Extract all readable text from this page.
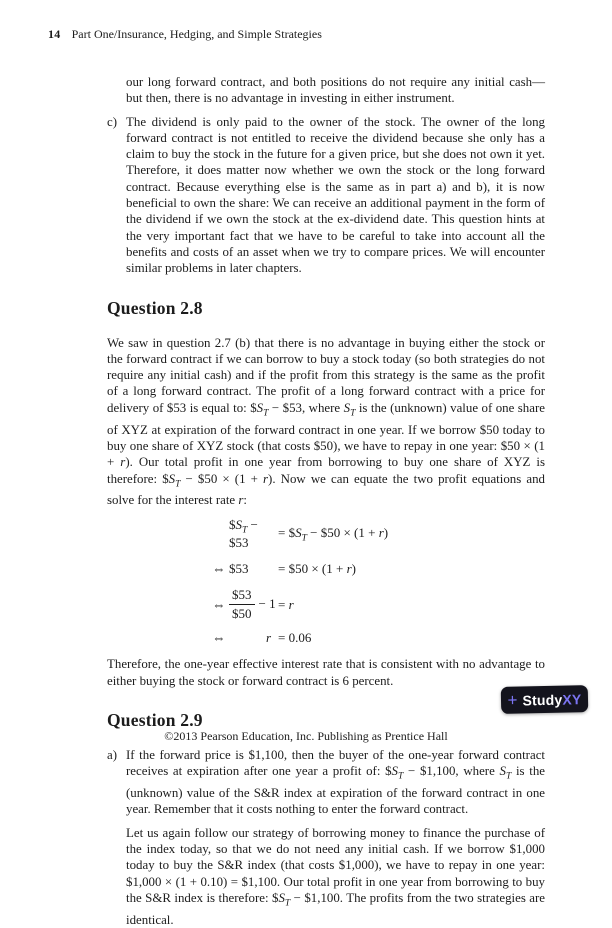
14 Part One/Insurance, Hedging, and Simple Strategies

our long forward contract, and both positions do not require any initial cash—but then, there is no advantage in investing in either instrument.

c) The dividend is only paid to the owner of the stock. The owner of the long forward contract is not entitled to receive the dividend because she only has a claim to buy the stock in the future for a given price, but she does not own it yet. Therefore, it does matter now whether we own the stock or the long forward contract. Because everything else is the same as in part a) and b), it is now beneficial to own the share: We can receive an additional payment in the form of the dividend if we own the stock at the ex-dividend date. This question hints at the very important fact that we have to be careful to take into account all the benefits and costs of an asset when we try to compare prices. We will encounter similar problems in later chapters.
Question 2.8

We saw in question 2.7 (b) that there is no advantage in buying either the stock or the forward contract if we can borrow to buy a stock today (so both strategies do not require any initial cash) and if the profit from this strategy is the same as the profit of a long forward contract. The profit of a long forward contract with a price for delivery of $53 is equal to: $\$S_T$ − $53, where $S_T$ is the (unknown) value of one share of XYZ at expiration of the forward contract in one year. If we borrow $50 today to buy one share of XYZ stock (that costs $50), we have to repay in one year: $50 × (1 + r). Our total profit in one year from borrowing to buy one share of XYZ is therefore: $\$S_T$ − $50 × (1 + r). Now we can equate the two profit equations and solve for the interest rate r:

$\$S_T$ − $53
= $\$S_T$ − $50 × (1 + r)
⇔ $53	= $50 × (1 + r)
⇔ $\frac{\$53}{\$50} - 1 = r$
⇔	r = 0.06

Therefore, the one-year effective interest rate that is consistent with no advantage to either buying the stock or forward contract is 6 percent.

Question 2.9
a) If the forward price is $1,100, then the buyer of the one-year forward contract receives at expiration after one year a profit of: $\$S_T$ − $1,100, where $S_T$ is the (unknown) value of the S&R index at expiration of the forward contract in one year. Remember that it costs nothing to enter the forward contract.

Let us again follow our strategy of borrowing money to finance the purchase of the index today, so that we do not need any initial cash. If we borrow $1,000 today to buy the S&R index (that costs $1,000), we have to repay in one year: $1,000 × (1 + 0.10) = $1,100. Our total profit in one year from borrowing to buy the S&R index is therefore: $\$S_T$ − $1,100. The profits from the two strategies are identical.

©2013 Pearson Education, Inc. Publishing as Prentice Hall
+ StudyXY
